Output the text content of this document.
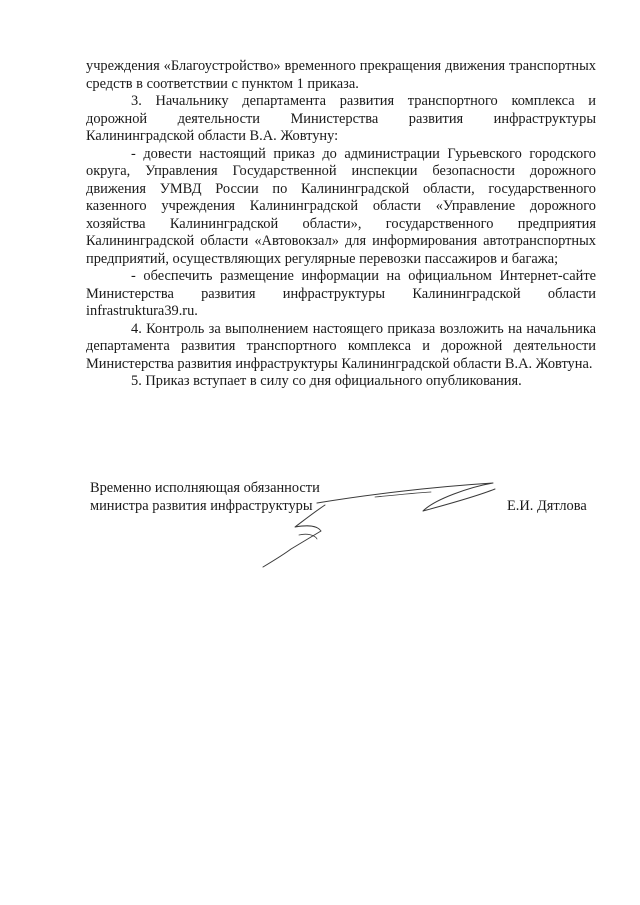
учреждения «Благоустройство» временного прекращения движения транспортных средств в соответствии с пунктом 1 приказа.

3. Начальнику департамента развития транспортного комплекса и дорожной деятельности Министерства развития инфраструктуры Калининградской области В.А. Жовтуну:

- довести настоящий приказ до администрации Гурьевского городского округа, Управления Государственной инспекции безопасности дорожного движения УМВД России по Калининградской области, государственного казенного учреждения Калининградской области «Управление дорожного хозяйства Калининградской области», государственного предприятия Калининградской области «Автовокзал» для информирования автотранспортных предприятий, осуществляющих регулярные перевозки пассажиров и багажа;

- обеспечить размещение информации на официальном Интернет-сайте Министерства развития инфраструктуры Калининградской области infrastruktura39.ru.

4. Контроль за выполнением настоящего приказа возложить на начальника департамента развития транспортного комплекса и дорожной деятельности Министерства развития инфраструктуры Калининградской области В.А. Жовтуна.

5. Приказ вступает в силу со дня официального опубликования.

Временно исполняющая обязанности
министра развития инфраструктуры	Е.И. Дятлова
